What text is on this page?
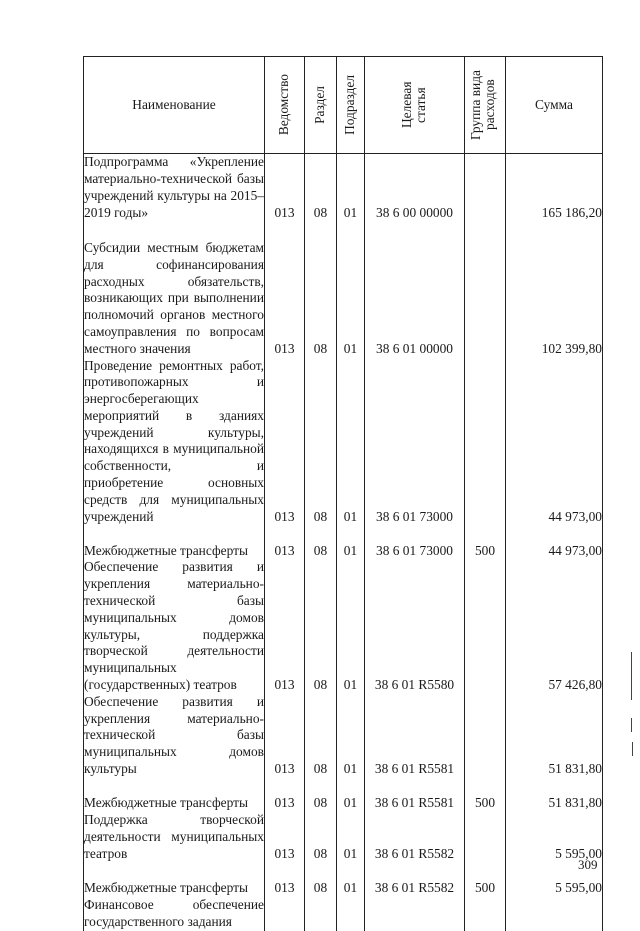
Наименование	Ведомство	Раздел	Подраздел	Целевая статья	Группа вида расходов	Сумма
Подпрограмма «Укрепление материально-технической базы учреждений культуры на 2015–2019 годы»	013	08	01	38 6 00 00000		165 186,20
Субсидии местным бюджетам для софинансирования расходных обязательств, возникающих при выполнении полномочий органов местного самоуправления по вопросам местного значения	013	08	01	38 6 01 00000		102 399,80
Проведение ремонтных работ, противопожарных и энергосберегающих мероприятий в зданиях учреждений культуры, находящихся в муниципальной собственности, и приобретение основных средств для муниципальных учреждений	013	08	01	38 6 01 73000		44 973,00
Межбюджетные трансферты	013	08	01	38 6 01 73000	500	44 973,00
Обеспечение развития и укрепления материально-технической базы муниципальных домов культуры, поддержка творческой деятельности муниципальных (государственных) театров	013	08	01	38 6 01 R5580		57 426,80
Обеспечение развития и укрепления материально-технической базы муниципальных домов культуры	013	08	01	38 6 01 R5581		51 831,80
Межбюджетные трансферты	013	08	01	38 6 01 R5581	500	51 831,80
Поддержка творческой деятельности муниципальных театров	013	08	01	38 6 01 R5582		5 595,00
Межбюджетные трансферты	013	08	01	38 6 01 R5582	500	5 595,00
Финансовое обеспечение государственного задания						
309
